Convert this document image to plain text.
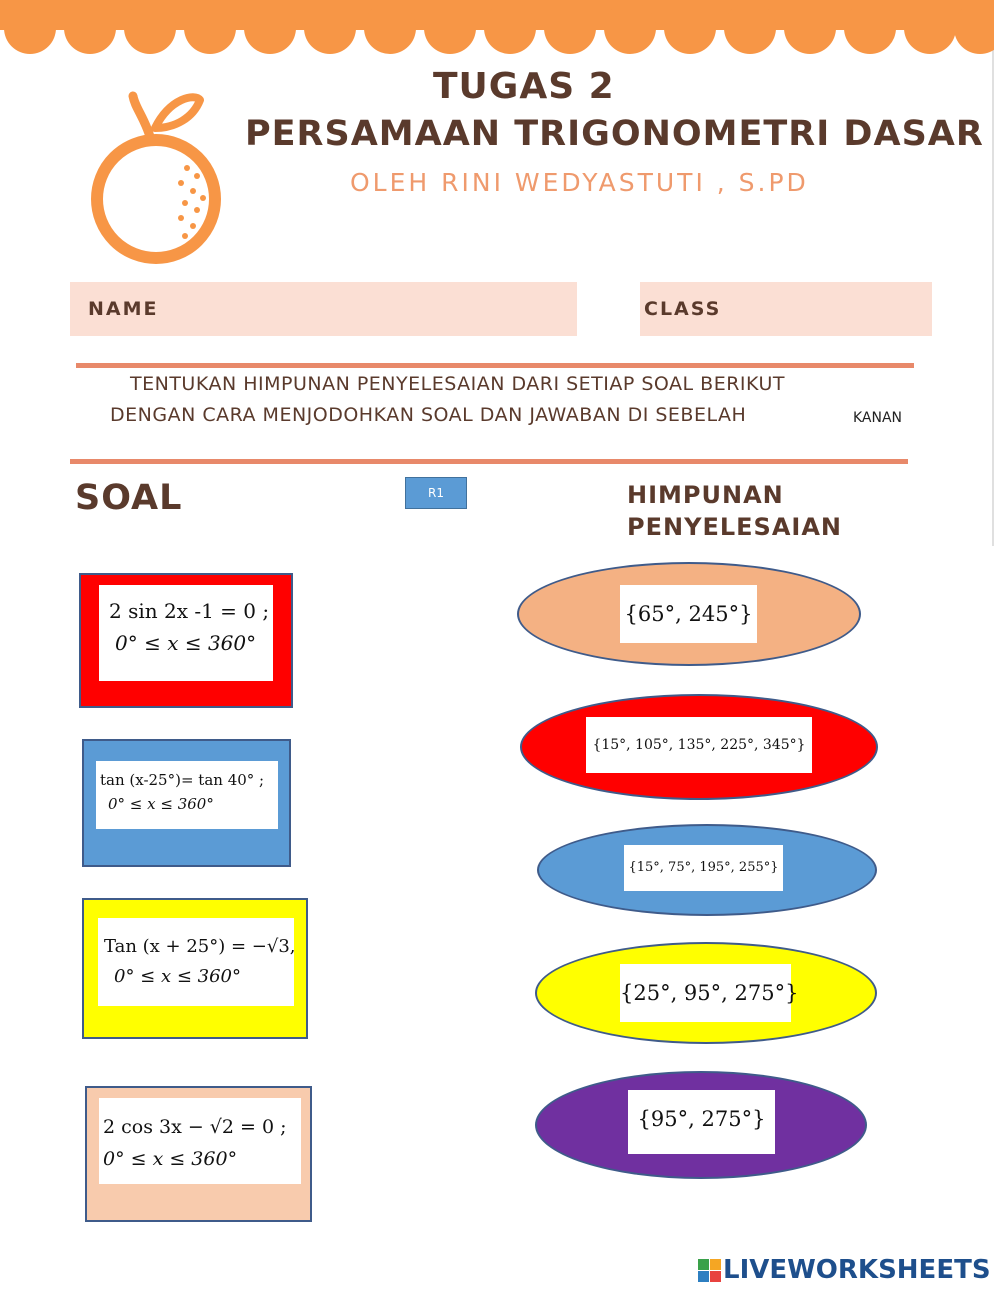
TUGAS 2
PERSAMAAN TRIGONOMETRI DASAR
OLEH RINI WEDYASTUTI , S.PD
NAME	CLASS
TENTUKAN HIMPUNAN PENYELESAIAN DARI SETIAP SOAL BERIKUT
DENGAN CARA MENJODOHKAN SOAL DAN JAWABAN DI SEBELAH	KANAN
SOAL	R1	HIMPUNAN
PENYELESAIAN
2 sin 2x -1 = 0 ;
0° ≤ x ≤ 360°
tan (x-25°)= tan 40° ;
0° ≤ x ≤ 360°
Tan (x + 25°) = −√3,
0° ≤ x ≤ 360°
2 cos 3x − √2 = 0 ;
0° ≤ x ≤ 360°
{65°, 245°}
{15°, 105°, 135°, 225°, 345°}
{15°, 75°, 195°, 255°}
{25°, 95°, 275°}
{95°, 275°}
LIVEWORKSHEETS
